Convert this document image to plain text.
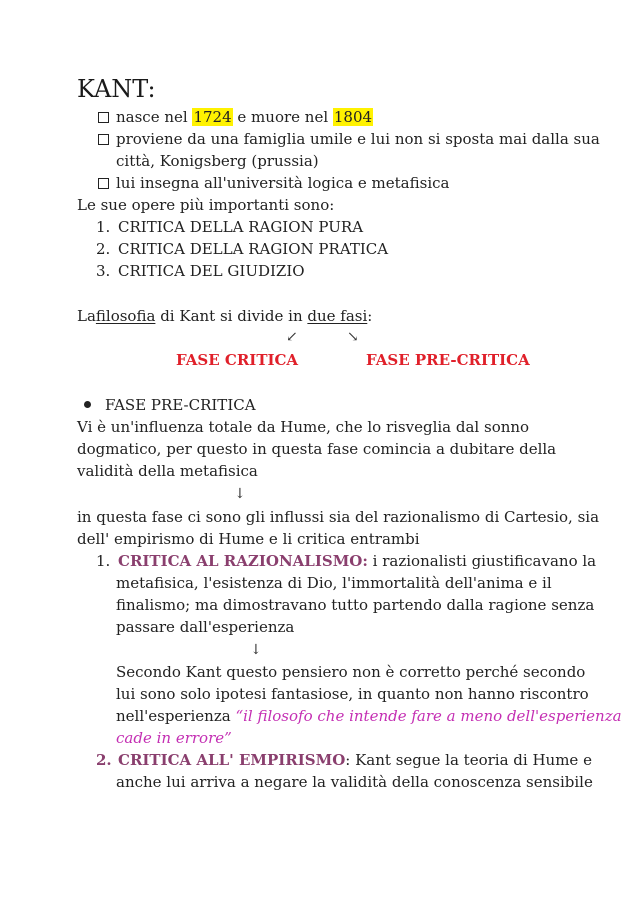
KANT:
nasce nel 1724 e muore nel 1804
proviene da una famiglia umile e lui non si sposta mai dalla sua
città, Konigsberg (prussia)
lui insegna all'università logica e metafisica
Le sue opere più importanti sono:
1. CRITICA DELLA RAGION PURA
2. CRITICA DELLA RAGION PRATICA
3. CRITICA DEL GIUDIZIO
Lafilosofia di Kant si divide in due fasi:
↙	↘
FASE CRITICA	FASE PRE-CRITICA
FASE PRE-CRITICA
Vi è un'influenza totale da Hume, che lo risveglia dal sonno
dogmatico, per questo in questa fase comincia a dubitare della
validità della metafisica
↓
in questa fase ci sono gli influssi sia del razionalismo di Cartesio, sia
dell' empirismo di Hume e li critica entrambi
1. CRITICA AL RAZIONALISMO: i razionalisti giustificavano la
metafisica, l'esistenza di Dio, l'immortalità dell'anima e il
finalismo; ma dimostravano tutto partendo dalla ragione senza
passare dall'esperienza
↓
Secondo Kant questo pensiero non è corretto perché secondo
lui sono solo ipotesi fantasiose, in quanto non hanno riscontro
nell'esperienza “il filosofo che intende fare a meno dell'esperienza
cade in errore”
2. CRITICA ALL' EMPIRISMO: Kant segue la teoria di Hume e
anche lui arriva a negare la validità della conoscenza sensibile
